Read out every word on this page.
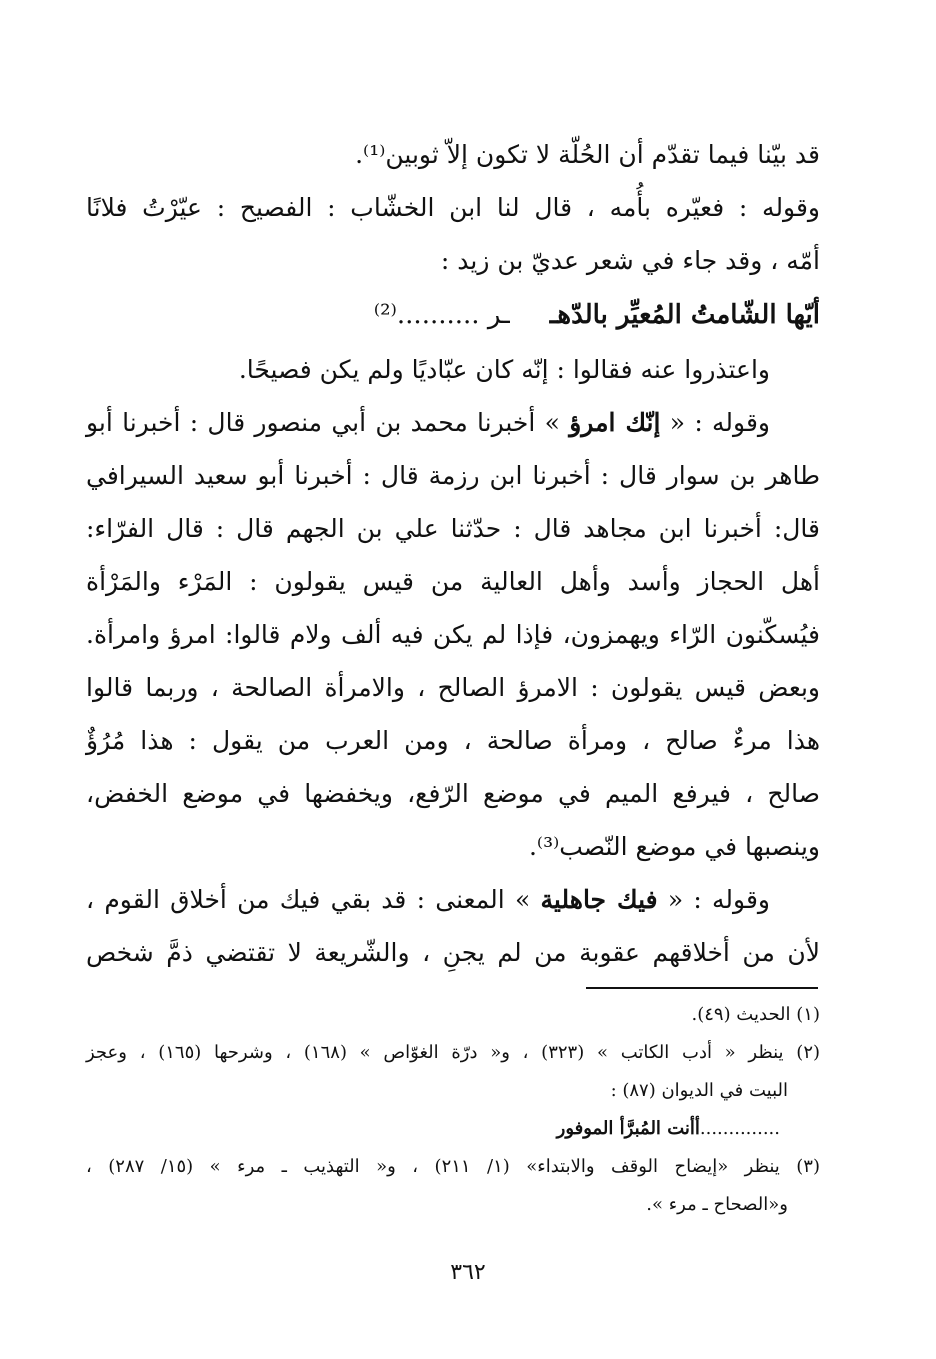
قد بيّنا فيما تقدّم أن الحُلّة لا تكون إلاّ ثوبين⁽¹⁾.
وقوله : فعيّره بأُمه ، قال لنا ابن الخشّاب : الفصيح : عيّرْتُ فلانًا
أمّه ، وقد جاء في شعر عديّ بن زيد :
أيّها الشّامتُ المُعيِّر بالدّهــر ..........⁽²⁾
واعتذروا عنه فقالوا : إنّه كان عبّاديًا ولم يكن فصيحًا.
وقوله : « إنّك امرؤ » أخبرنا محمد بن أبي منصور قال : أخبرنا أبو
طاهر بن سوار قال : أخبرنا ابن رزمة قال : أخبرنا أبو سعيد السيرافي
قال: أخبرنا ابن مجاهد قال : حدّثنا علي بن الجهم قال : قال الفرّاء:
أهل الحجاز وأسد وأهل العالية من قيس يقولون : المَرْء والمَرْأة
فيُسكّنون الرّاء ويهمزون، فإذا لم يكن فيه ألف ولام قالوا: امرؤ وامرأة.
وبعض قيس يقولون : الامرؤ الصالح ، والامرأة الصالحة ، وربما قالوا
هذا مرءٌ صالح ، ومرأة صالحة ، ومن العرب من يقول : هذا مُرُؤٌ
صالح ، فيرفع الميم في موضع الرّفع، ويخفضها في موضع الخفض،
وينصبها في موضع النّصب⁽³⁾.
وقوله : « فيك جاهلية » المعنى : قد بقي فيك من أخلاق القوم ،
لأن من أخلاقهم عقوبة من لم يجنِ ، والشّريعة لا تقتضي ذمَّ شخص
(١) الحديث (٤٩).
(٢) ينظر « أدب الكاتب » (٣٢٣) ، و« درّة الغوّاص » (١٦٨) ، وشرحها (١٦٥) ، وعجز
البيت في الديوان (٨٧) :
..............أأنت المُبرَّأ الموفور
(٣) ينظر «إيضاح الوقف والابتداء» (١/ ٢١١) ، و« التهذيب ـ مرء » (١٥/ ٢٨٧) ،
و«الصحاح ـ مرء ».
٣٦٢
